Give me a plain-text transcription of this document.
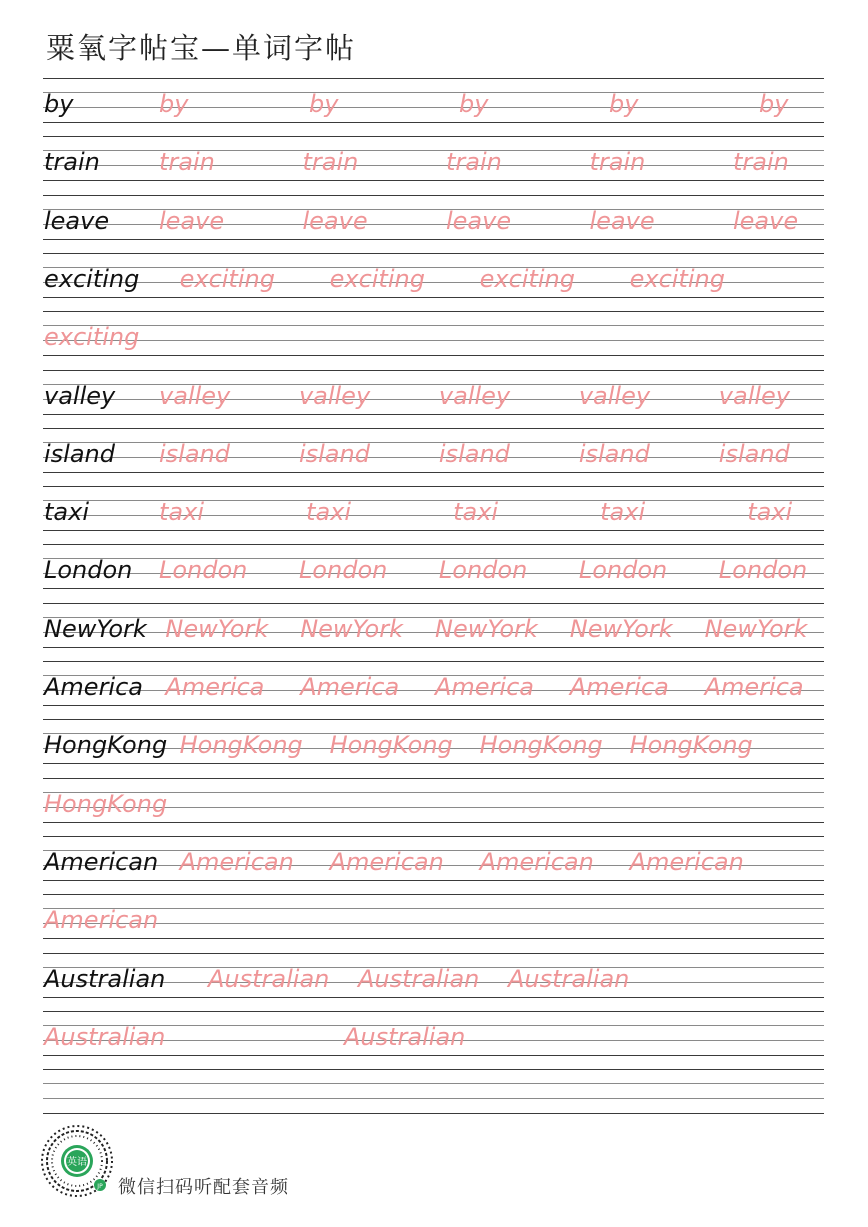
粟氧字帖宝—单词字帖
by	by	by	by	by	by
train train	train	train	train	train
leave leave	leave	leave	leave	leave
exciting exciting exciting exciting exciting
exciting
valley valley	valley	valley	valley	valley
island island	island	island	island	island
taxi	taxi	taxi	taxi	taxi	taxi
London London London London London London
NewYork NewYork NewYork NewYork NewYork NewYork
America America America America America America
HongKong HongKong HongKong HongKong HongKong
HongKong
American American American American American
American
Australian Australian Australian Australian
Australian	Australian
英语
JP 微信扫码听配套音频
